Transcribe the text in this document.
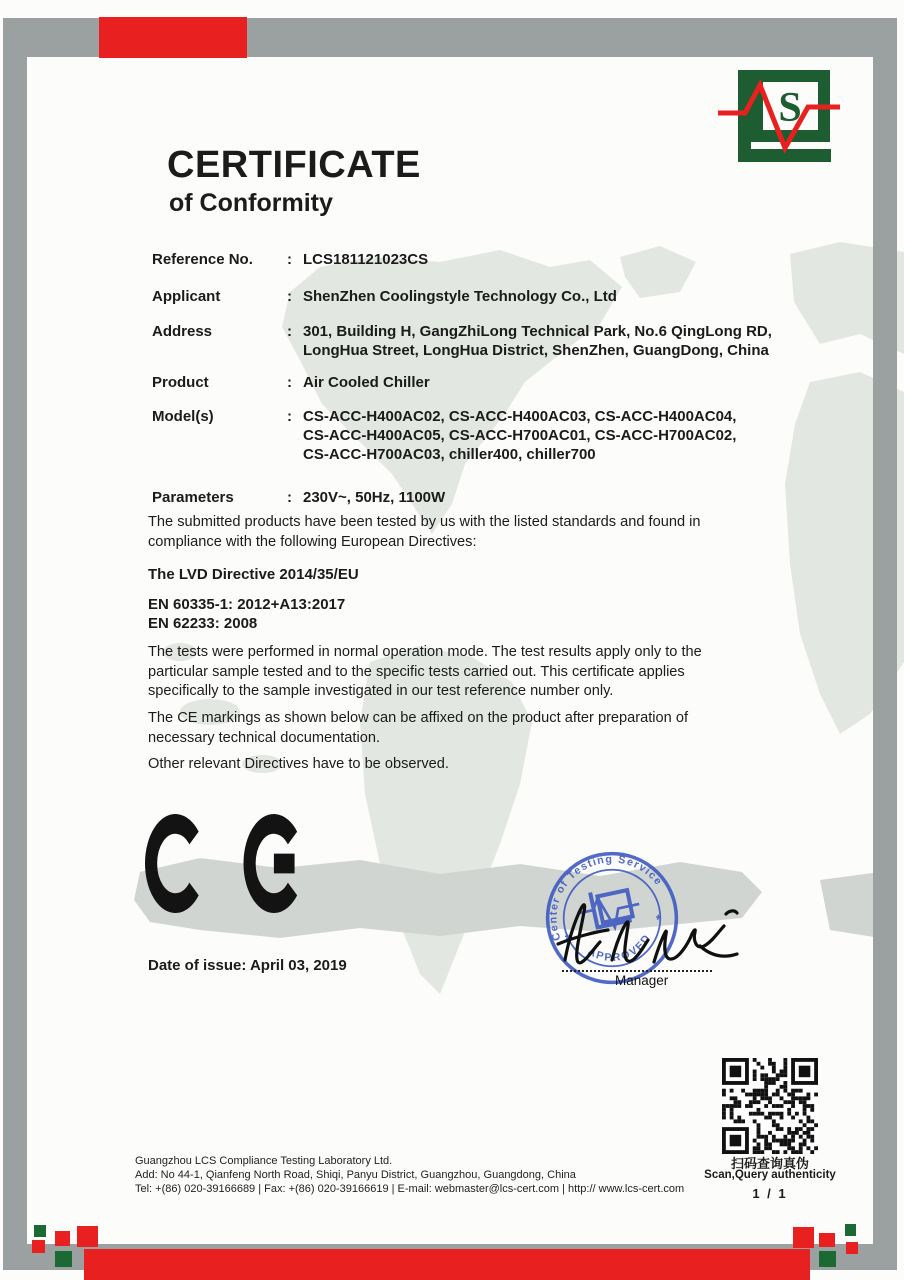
S
CERTIFICATE
of Conformity
Reference No.	: LCS181121023CS
Applicant	: ShenZhen Coolingstyle Technology Co., Ltd
Address	: 301, Building H, GangZhiLong Technical Park, No.6 QingLong RD, LongHua Street, LongHua District, ShenZhen, GuangDong, China
Product	: Air Cooled Chiller
Model(s)	: CS-ACC-H400AC02, CS-ACC-H400AC03, CS-ACC-H400AC04, CS-ACC-H400AC05, CS-ACC-H700AC01, CS-ACC-H700AC02, CS-ACC-H700AC03, chiller400, chiller700
Parameters	: 230V~, 50Hz, 1100W
The submitted products have been tested by us with the listed standards and found in compliance with the following European Directives:
The LVD Directive 2014/35/EU
EN 60335-1: 2012+A13:2017
EN 62233: 2008
The tests were performed in normal operation mode. The test results apply only to the particular sample tested and to the specific tests carried out. This certificate applies specifically to the sample investigated in our test reference number only.
The CE markings as shown below can be affixed on the product after preparation of necessary technical documentation.
Other relevant Directives have to be observed.
Date of issue: April 03, 2019
Center of Testing Service
APPROVED
*
*
Manager
Guangzhou LCS Compliance Testing Laboratory Ltd.
Add: No 44-1, Qianfeng North Road, Shiqi, Panyu District, Guangzhou, Guangdong, China
Tel: +(86) 020-39166689 | Fax: +(86) 020-39166619 | E-mail: webmaster@lcs-cert.com | http:// www.lcs-cert.com
扫码查询真伪
Scan,Query authenticity
1 / 1
